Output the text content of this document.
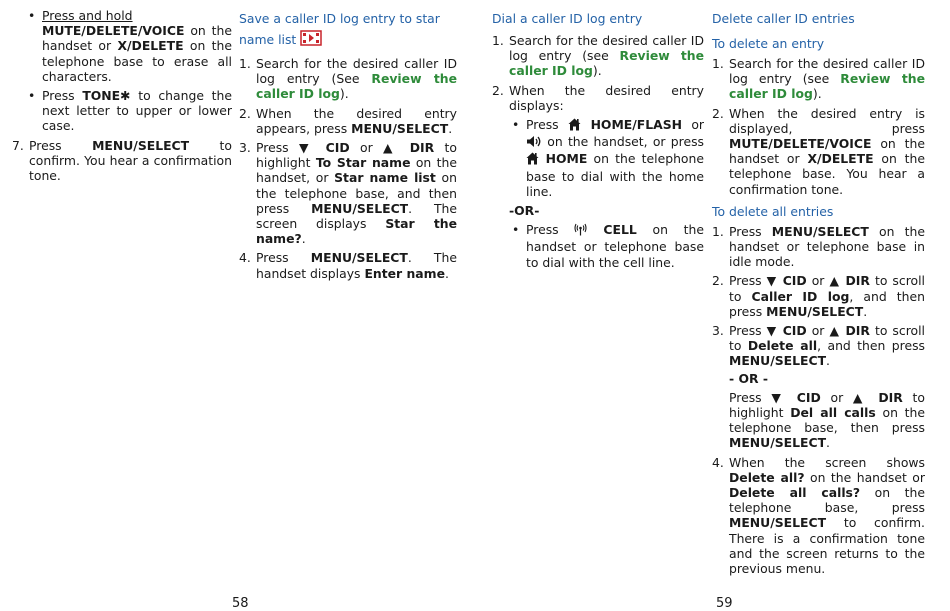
• Press and hold
MUTE/DELETE/VOICE on the handset or X/DELETE on the telephone base to erase all characters.
• Press TONE✱ to change the next letter to upper or lower case.
7. Press MENU/SELECT to confirm. You hear a confirmation tone.
Save a caller ID log entry to star name list
1. Search for the desired caller ID log entry (See Review the caller ID log).
2. When the desired entry appears, press MENU/SELECT.
3. Press ▼ CID or ▲ DIR to highlight To Star name on the handset, or Star name list on the telephone base, and then press MENU/SELECT. The screen displays Star the name?.
4. Press MENU/SELECT. The handset displays Enter name.
Dial a caller ID log entry
1. Search for the desired caller ID log entry (see Review the caller ID log).
2. When the desired entry displays:
• Press  HOME/FLASH or  on the handset, or press  HOME on the telephone base to dial with the home line.
-OR-
• Press  CELL on the handset or telephone base to dial with the cell line.
Delete caller ID entries
To delete an entry
1. Search for the desired caller ID log entry (see Review the caller ID log).
2. When the desired entry is displayed, press MUTE/DELETE/VOICE on the handset or X/DELETE on the telephone base. You hear a confirmation tone.
To delete all entries
1. Press MENU/SELECT on the handset or telephone base in idle mode.
2. Press ▼ CID or ▲ DIR to scroll to Caller ID log, and then press MENU/SELECT.
3. Press ▼ CID or ▲ DIR to scroll to Delete all, and then press MENU/SELECT.
- OR -
Press ▼ CID or ▲ DIR to highlight Del all calls on the telephone base, then press MENU/SELECT.
4. When the screen shows Delete all? on the handset or Delete all calls? on the telephone base, press MENU/SELECT to confirm. There is a confirmation tone and the screen returns to the previous menu.
58	59
